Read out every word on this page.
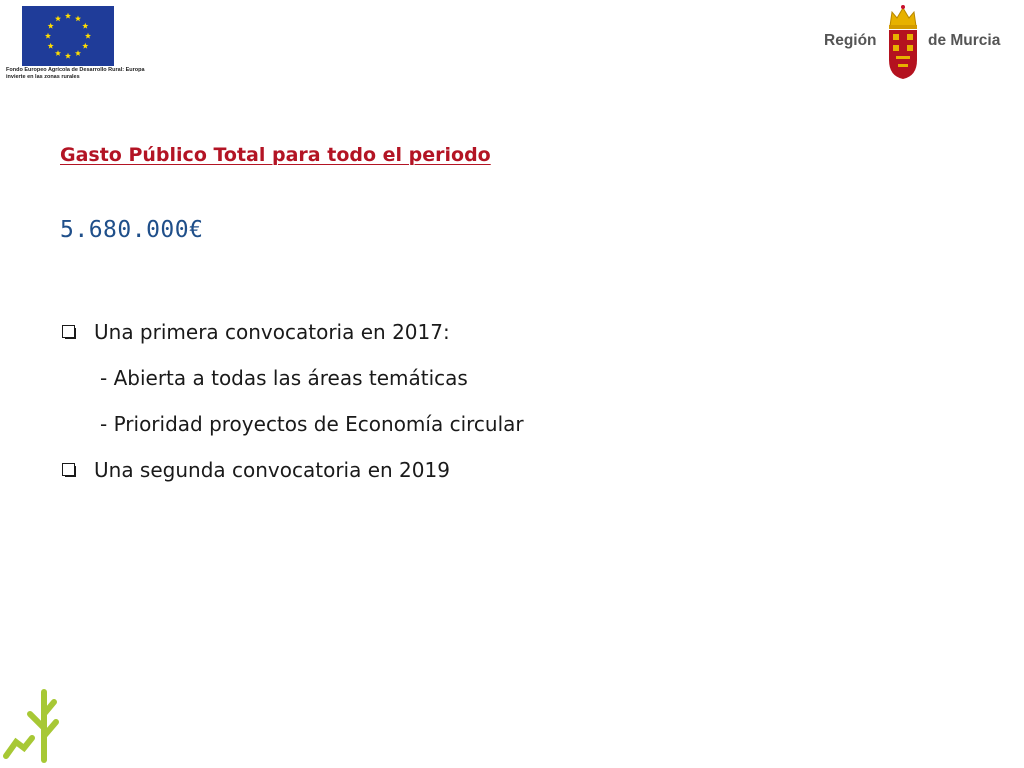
Fondo Europeo Agrícola de Desarrollo Rural: Europa invierte en las zonas rurales
Región	de Murcia
Gasto Público Total para todo el periodo
5.680.000€
Una primera convocatoria en 2017:
- Abierta a todas las áreas temáticas
- Prioridad proyectos de Economía circular
Una segunda convocatoria en 2019
